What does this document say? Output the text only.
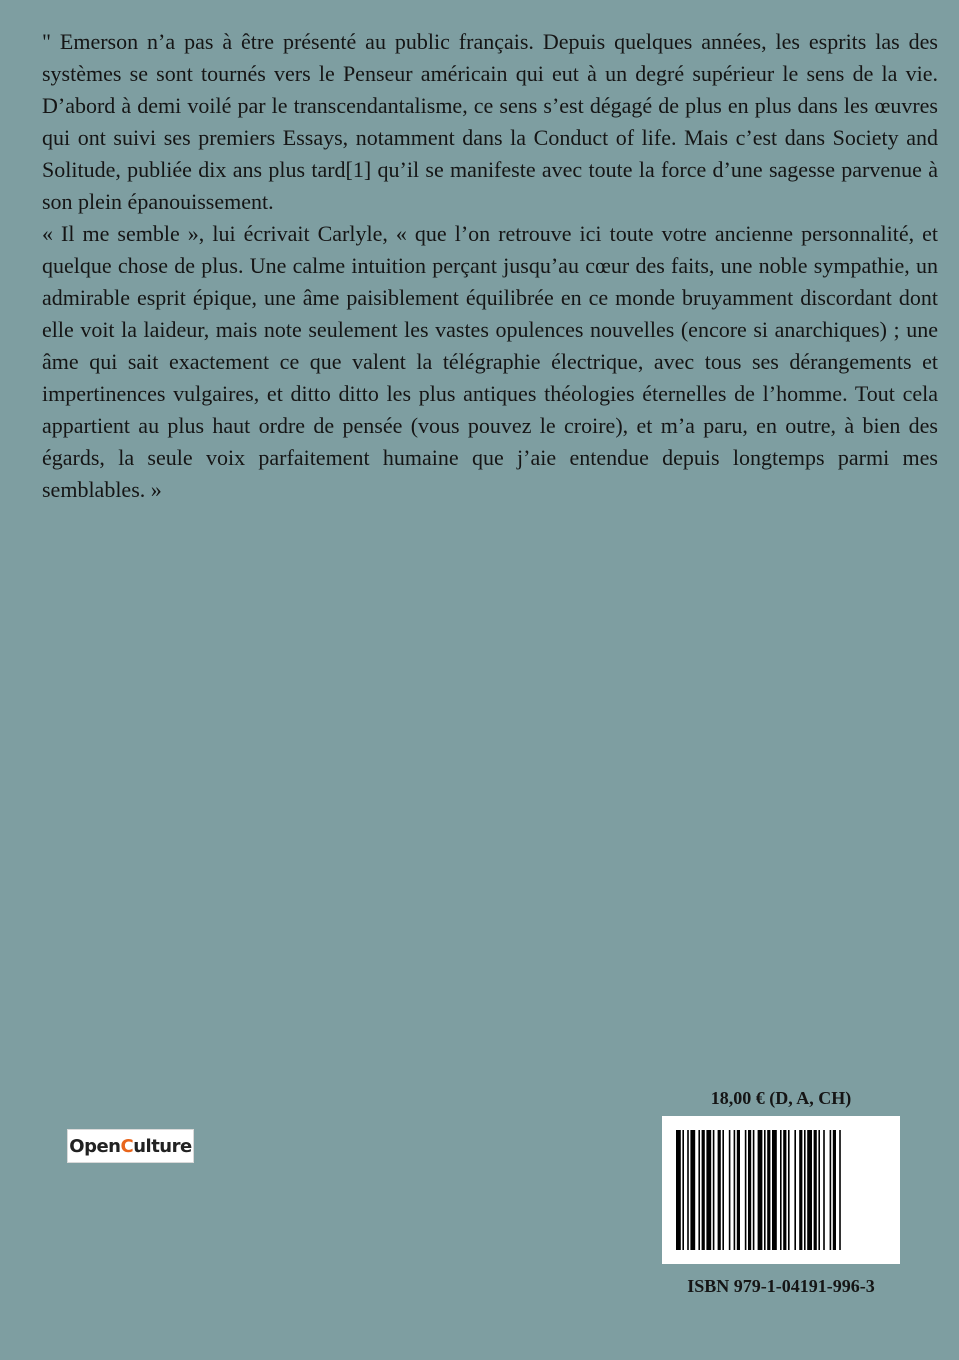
" Emerson n’a pas à être présenté au public français. Depuis quelques années, les esprits las des systèmes se sont tournés vers le Penseur américain qui eut à un degré supérieur le sens de la vie. D’abord à demi voilé par le transcendantalisme, ce sens s’est dégagé de plus en plus dans les œuvres qui ont suivi ses premiers Essays, notamment dans la Conduct of life. Mais c’est dans Society and Solitude, publiée dix ans plus tard[1] qu’il se manifeste avec toute la force d’une sagesse parvenue à son plein épanouissement.

« Il me semble », lui écrivait Carlyle, « que l’on retrouve ici toute votre ancienne personnalité, et quelque chose de plus. Une calme intuition perçant jusqu’au cœur des faits, une noble sympathie, un admirable esprit épique, une âme paisiblement équilibrée en ce monde bruyamment discordant dont elle voit la laideur, mais note seulement les vastes opulences nouvelles (encore si anarchiques) ; une âme qui sait exactement ce que valent la télégraphie électrique, avec tous ses dérangements et impertinences vulgaires, et ditto ditto les plus antiques théologies éternelles de l’homme. Tout cela appartient au plus haut ordre de pensée (vous pouvez le croire), et m’a paru, en outre, à bien des égards, la seule voix parfaitement humaine que j’aie entendue depuis longtemps parmi mes semblables. »

Open C ulture
18,00 € (D, A, CH)
ISBN 979-1-04191-996-3
